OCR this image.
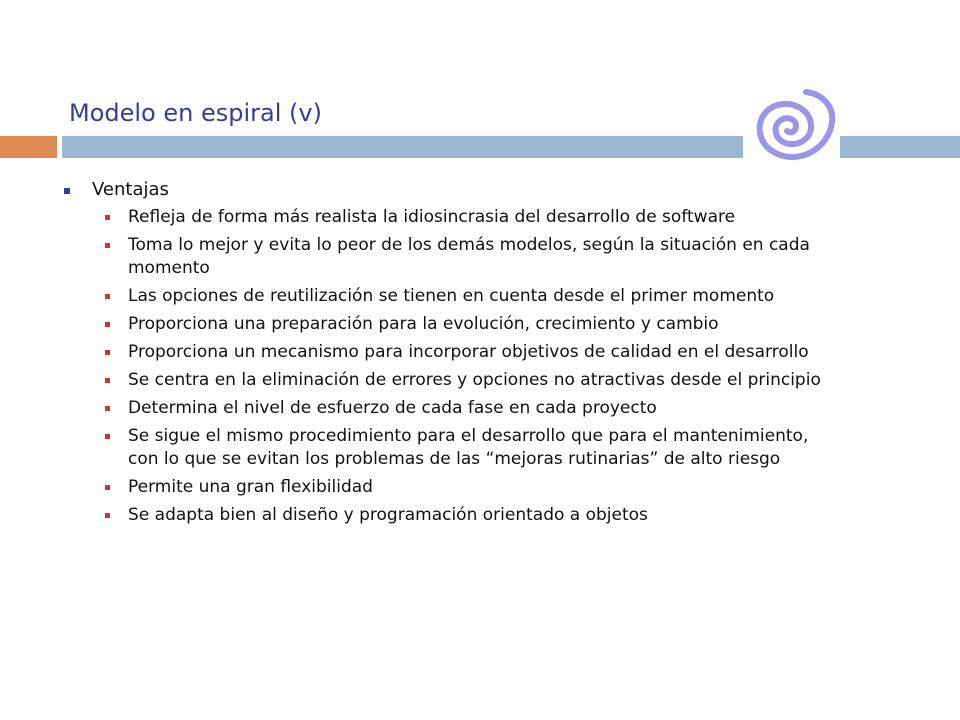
Modelo en espiral (v)
Ventajas
Refleja de forma más realista la idiosincrasia del desarrollo de software
Toma lo mejor y evita lo peor de los demás modelos, según la situación en cada momento
Las opciones de reutilización se tienen en cuenta desde el primer momento
Proporciona una preparación para la evolución, crecimiento y cambio
Proporciona un mecanismo para incorporar objetivos de calidad en el desarrollo
Se centra en la eliminación de errores y opciones no atractivas desde el principio
Determina el nivel de esfuerzo de cada fase en cada proyecto
Se sigue el mismo procedimiento para el desarrollo que para el mantenimiento, con lo que se evitan los problemas de las “mejoras rutinarias” de alto riesgo
Permite una gran flexibilidad
Se adapta bien al diseño y programación orientado a objetos
